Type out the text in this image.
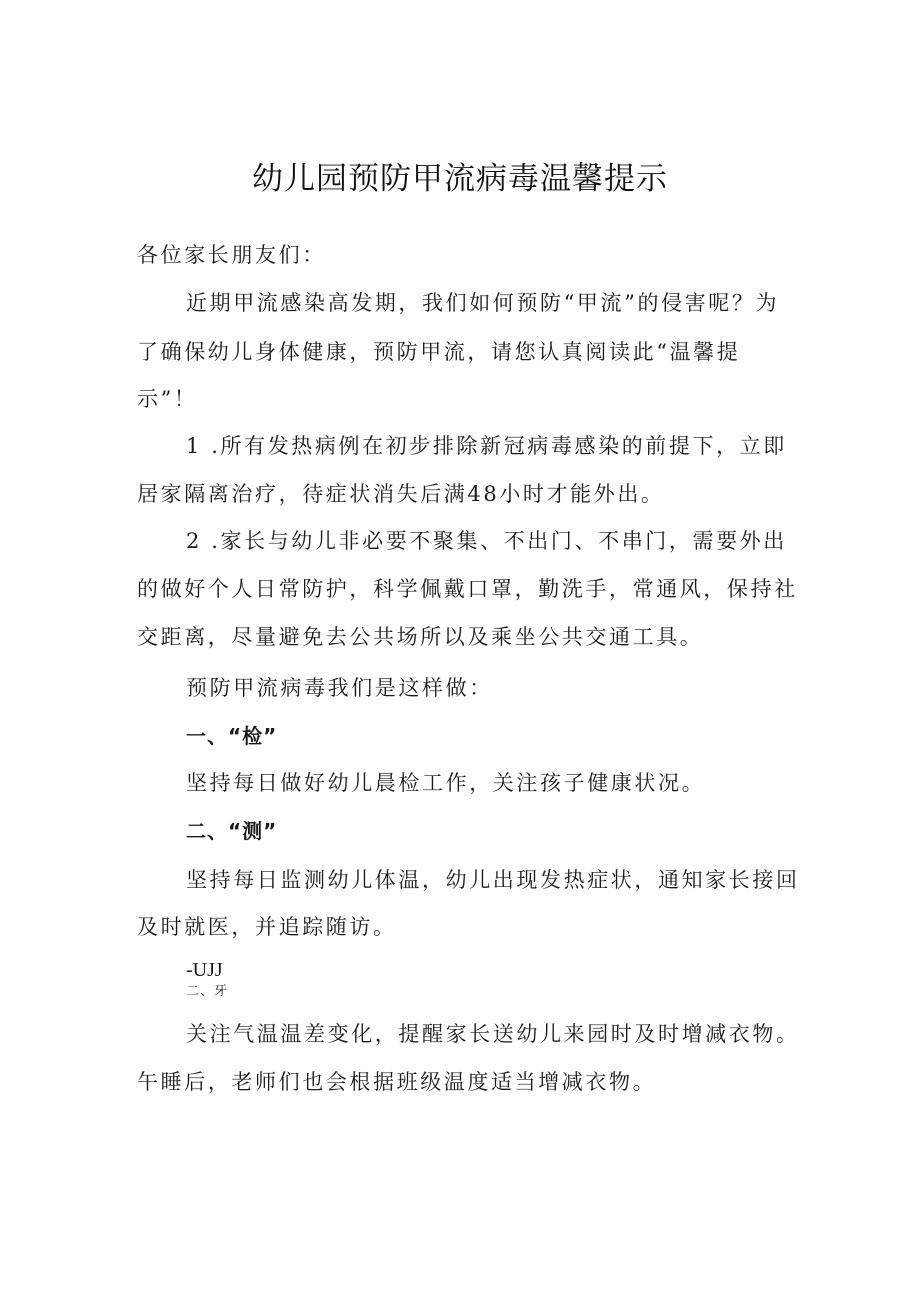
幼儿园预防甲流病毒温馨提示
各位家长朋友们：
近期甲流感染高发期，我们如何预防“甲流”的侵害呢？为
了确保幼儿身体健康，预防甲流，请您认真阅读此“温馨提
示”！
1 .所有发热病例在初步排除新冠病毒感染的前提下，立即
居家隔离治疗，待症状消失后满48小时才能外出。
2 .家长与幼儿非必要不聚集、不出门、不串门，需要外出
的做好个人日常防护，科学佩戴口罩，勤洗手，常通风，保持社
交距离，尽量避免去公共场所以及乘坐公共交通工具。
预防甲流病毒我们是这样做：
一、“检”
坚持每日做好幼儿晨检工作，关注孩子健康状况。
二、“测”
坚持每日监测幼儿体温，幼儿出现发热症状，通知家长接回
及时就医，并追踪随访。
-UJJ
二、牙
关注气温温差变化，提醒家长送幼儿来园时及时增减衣物。
午睡后，老师们也会根据班级温度适当增减衣物。
